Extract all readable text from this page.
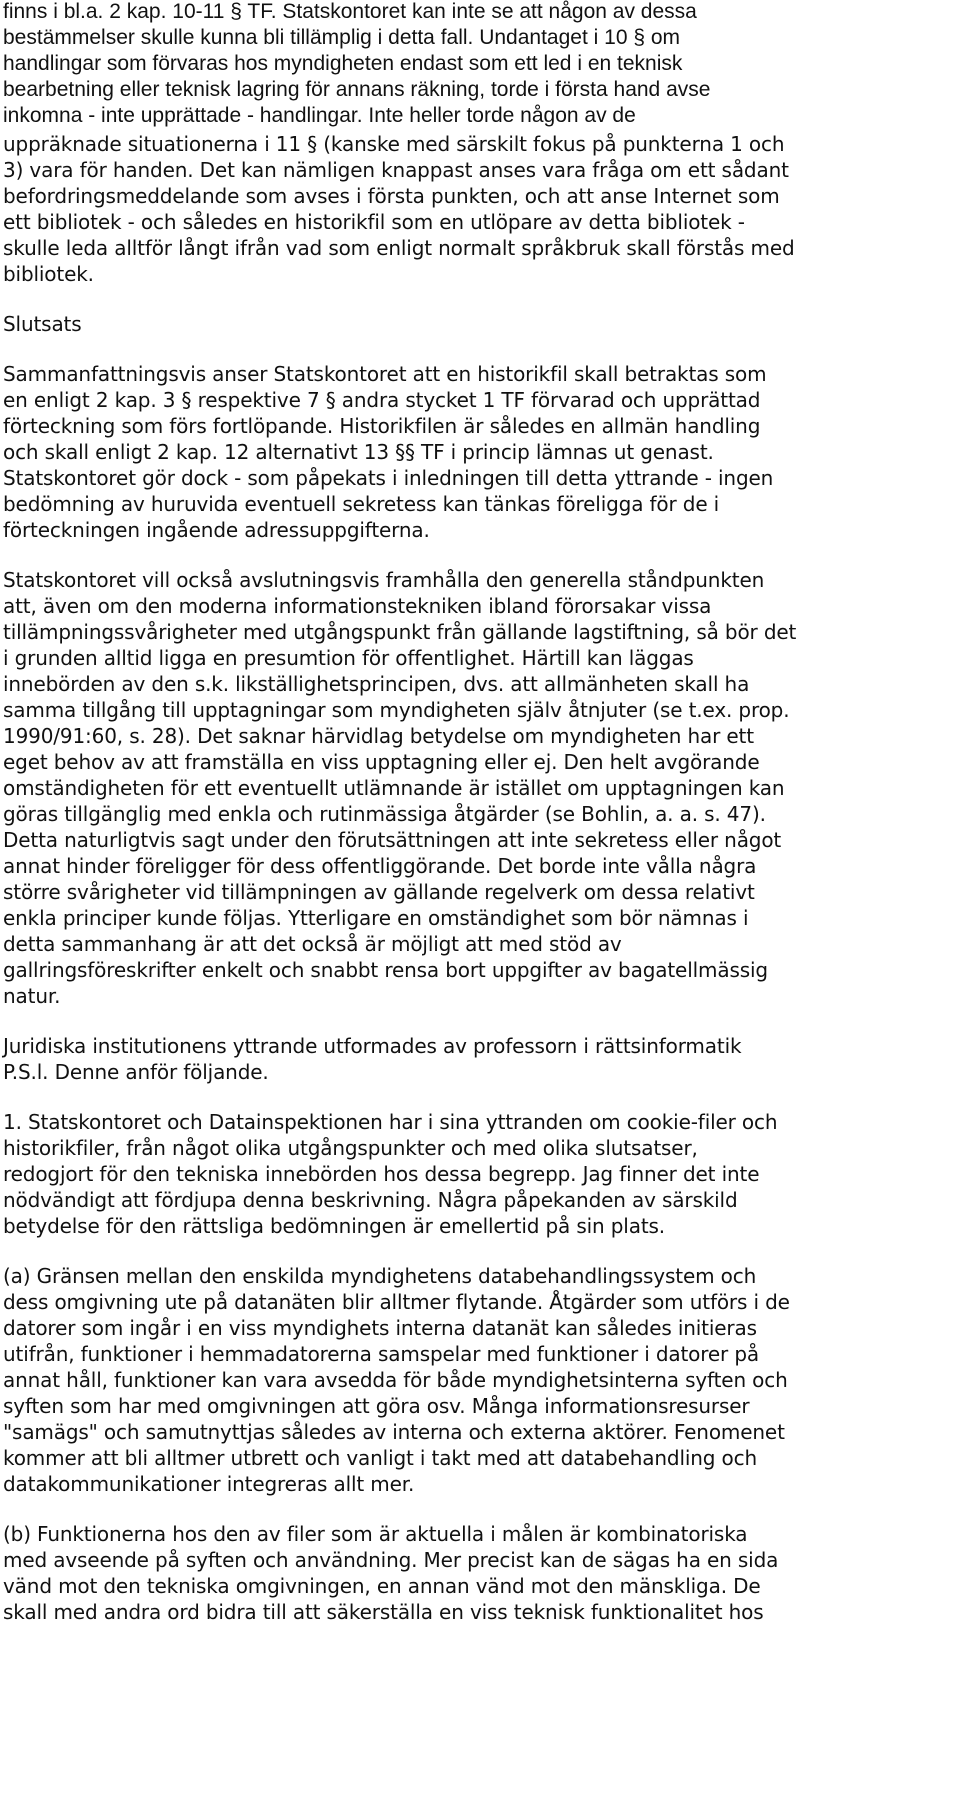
finns i bl.a. 2 kap. 10-11 § TF. Statskontoret kan inte se att någon av dessa
bestämmelser skulle kunna bli tillämplig i detta fall. Undantaget i 10 § om
handlingar som förvaras hos myndigheten endast som ett led i en teknisk
bearbetning eller teknisk lagring för annans räkning, torde i första hand avse
inkomna - inte upprättade - handlingar. Inte heller torde någon av de
uppräknade situationerna i 11 § (kanske med särskilt fokus på punkterna 1 och
3) vara för handen. Det kan nämligen knappast anses vara fråga om ett sådant
befordringsmeddelande som avses i första punkten, och att anse Internet som
ett bibliotek - och således en historikfil som en utlöpare av detta bibliotek -
skulle leda alltför långt ifrån vad som enligt normalt språkbruk skall förstås med
bibliotek.
Slutsats
Sammanfattningsvis anser Statskontoret att en historikfil skall betraktas som
en enligt 2 kap. 3 § respektive 7 § andra stycket 1 TF förvarad och upprättad
förteckning som förs fortlöpande. Historikfilen är således en allmän handling
och skall enligt 2 kap. 12 alternativt 13 §§ TF i princip lämnas ut genast.
Statskontoret gör dock - som påpekats i inledningen till detta yttrande - ingen
bedömning av huruvida eventuell sekretess kan tänkas föreligga för de i
förteckningen ingående adressuppgifterna.
Statskontoret vill också avslutningsvis framhålla den generella ståndpunkten
att, även om den moderna informationstekniken ibland förorsakar vissa
tillämpningssvårigheter med utgångspunkt från gällande lagstiftning, så bör det
i grunden alltid ligga en presumtion för offentlighet. Härtill kan läggas
innebörden av den s.k. likställighetsprincipen, dvs. att allmänheten skall ha
samma tillgång till upptagningar som myndigheten själv åtnjuter (se t.ex. prop.
1990/91:60, s. 28). Det saknar härvidlag betydelse om myndigheten har ett
eget behov av att framställa en viss upptagning eller ej. Den helt avgörande
omständigheten för ett eventuellt utlämnande är istället om upptagningen kan
göras tillgänglig med enkla och rutinmässiga åtgärder (se Bohlin, a. a. s. 47).
Detta naturligtvis sagt under den förutsättningen att inte sekretess eller något
annat hinder föreligger för dess offentliggörande. Det borde inte vålla några
större svårigheter vid tillämpningen av gällande regelverk om dessa relativt
enkla principer kunde följas. Ytterligare en omständighet som bör nämnas i
detta sammanhang är att det också är möjligt att med stöd av
gallringsföreskrifter enkelt och snabbt rensa bort uppgifter av bagatellmässig
natur.
Juridiska institutionens yttrande utformades av professorn i rättsinformatik
P.S.l. Denne anför följande.
1. Statskontoret och Datainspektionen har i sina yttranden om cookie-filer och
historikfiler, från något olika utgångspunkter och med olika slutsatser,
redogjort för den tekniska innebörden hos dessa begrepp. Jag finner det inte
nödvändigt att fördjupa denna beskrivning. Några påpekanden av särskild
betydelse för den rättsliga bedömningen är emellertid på sin plats.
(a) Gränsen mellan den enskilda myndighetens databehandlingssystem och
dess omgivning ute på datanäten blir alltmer flytande. Åtgärder som utförs i de
datorer som ingår i en viss myndighets interna datanät kan således initieras
utifrån, funktioner i hemmadatorerna samspelar med funktioner i datorer på
annat håll, funktioner kan vara avsedda för både myndighetsinterna syften och
syften som har med omgivningen att göra osv. Många informationsresurser
"samägs" och samutnyttjas således av interna och externa aktörer. Fenomenet
kommer att bli alltmer utbrett och vanligt i takt med att databehandling och
datakommunikationer integreras allt mer.
(b) Funktionerna hos den av filer som är aktuella i målen är kombinatoriska
med avseende på syften och användning. Mer precist kan de sägas ha en sida
vänd mot den tekniska omgivningen, en annan vänd mot den mänskliga. De
skall med andra ord bidra till att säkerställa en viss teknisk funktionalitet hos
